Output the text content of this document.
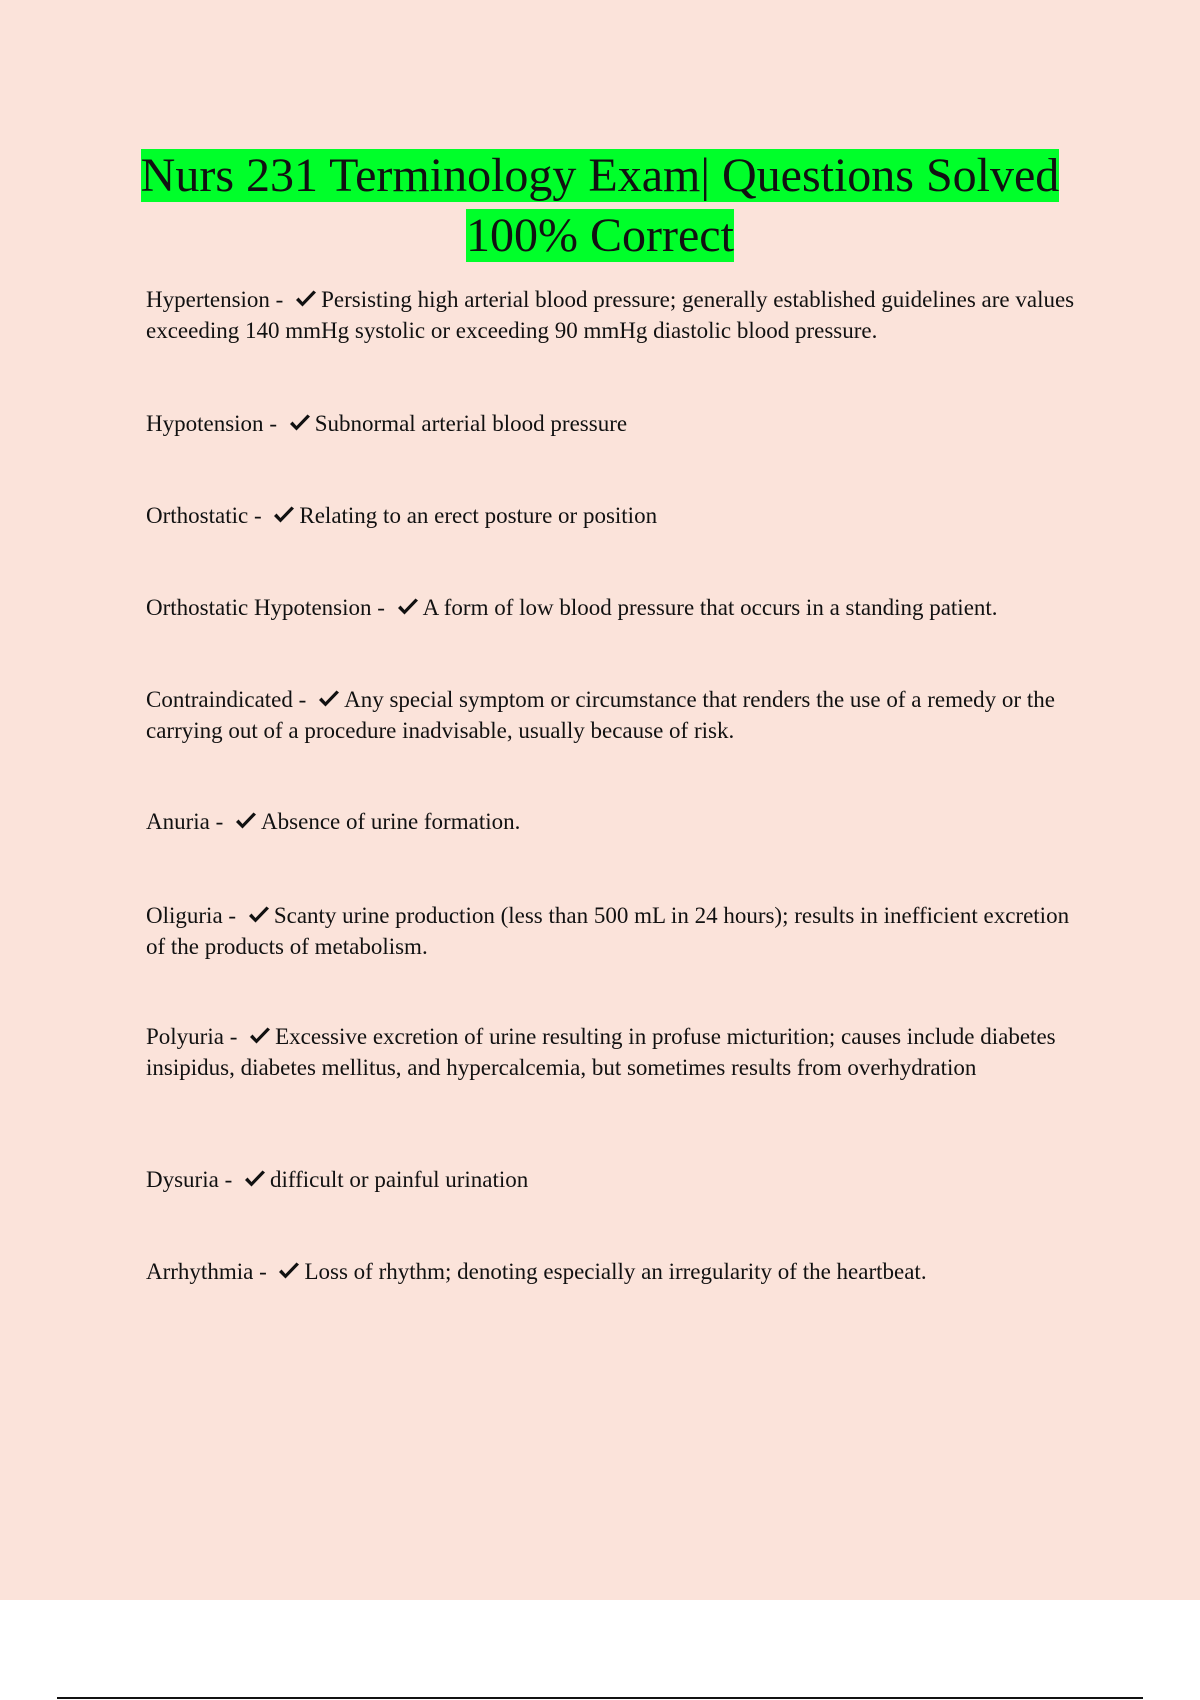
Nurs 231 Terminology Exam| Questions Solved 100% Correct

Hypertension -
Persisting high arterial blood pressure; generally established guidelines are values exceeding 140 mmHg systolic or exceeding 90 mmHg diastolic blood pressure.

Hypotension -
Subnormal arterial blood pressure

Orthostatic -
Relating to an erect posture or position

Orthostatic Hypotension -
A form of low blood pressure that occurs in a standing patient.

Contraindicated -
Any special symptom or circumstance that renders the use of a remedy or the carrying out of a procedure inadvisable, usually because of risk.

Anuria -
Absence of urine formation.

Oliguria -
Scanty urine production (less than 500 mL in 24 hours); results in inefficient excretion of the products of metabolism.

Polyuria -
Excessive excretion of urine resulting in profuse micturition; causes include diabetes insipidus, diabetes mellitus, and hypercalcemia, but sometimes results from overhydration

Dysuria -
difficult or painful urination

Arrhythmia -
Loss of rhythm; denoting especially an irregularity of the heartbeat.
